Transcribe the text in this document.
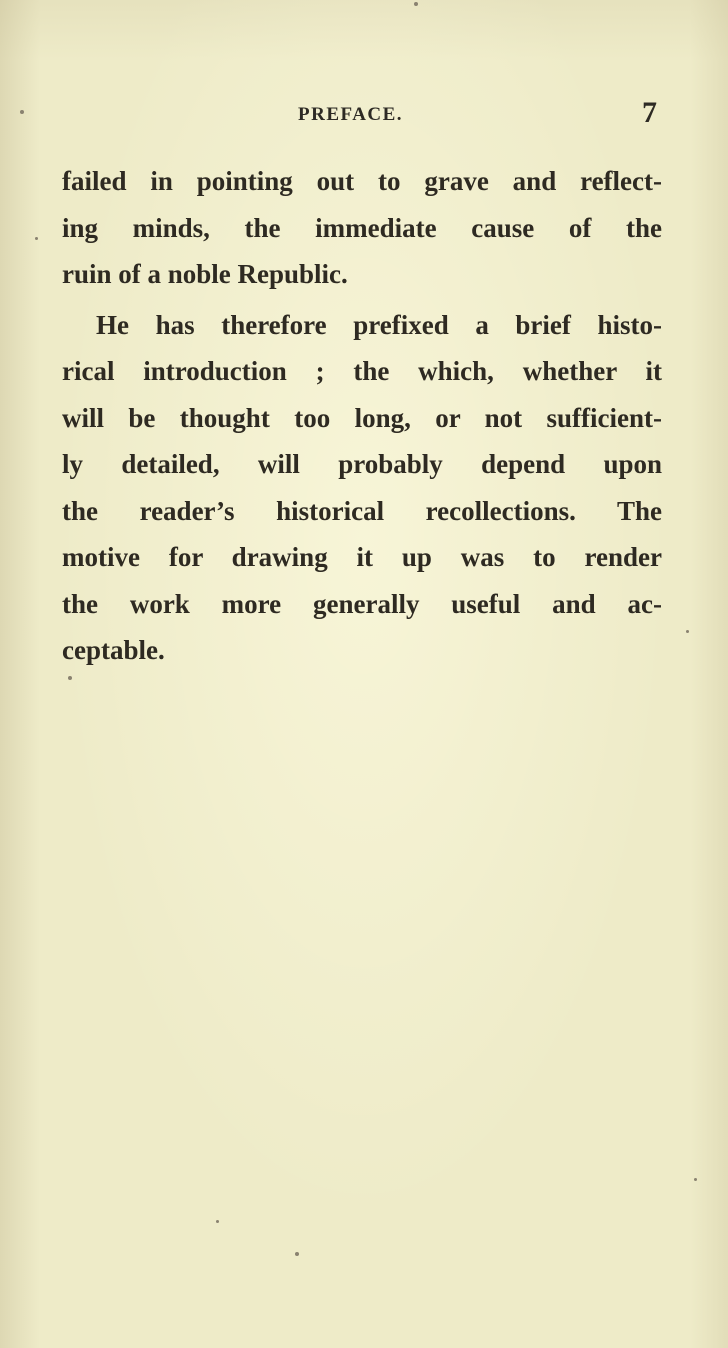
PREFACE.	7
failed in pointing out to grave and reflect-
ing minds, the immediate cause of the
ruin of a noble Republic.
He has therefore prefixed a brief histo-
rical introduction ; the which, whether it
will be thought too long, or not sufficient-
ly detailed, will probably depend upon
the reader’s historical recollections. The
motive for drawing it up was to render
the work more generally useful and ac-
ceptable.
